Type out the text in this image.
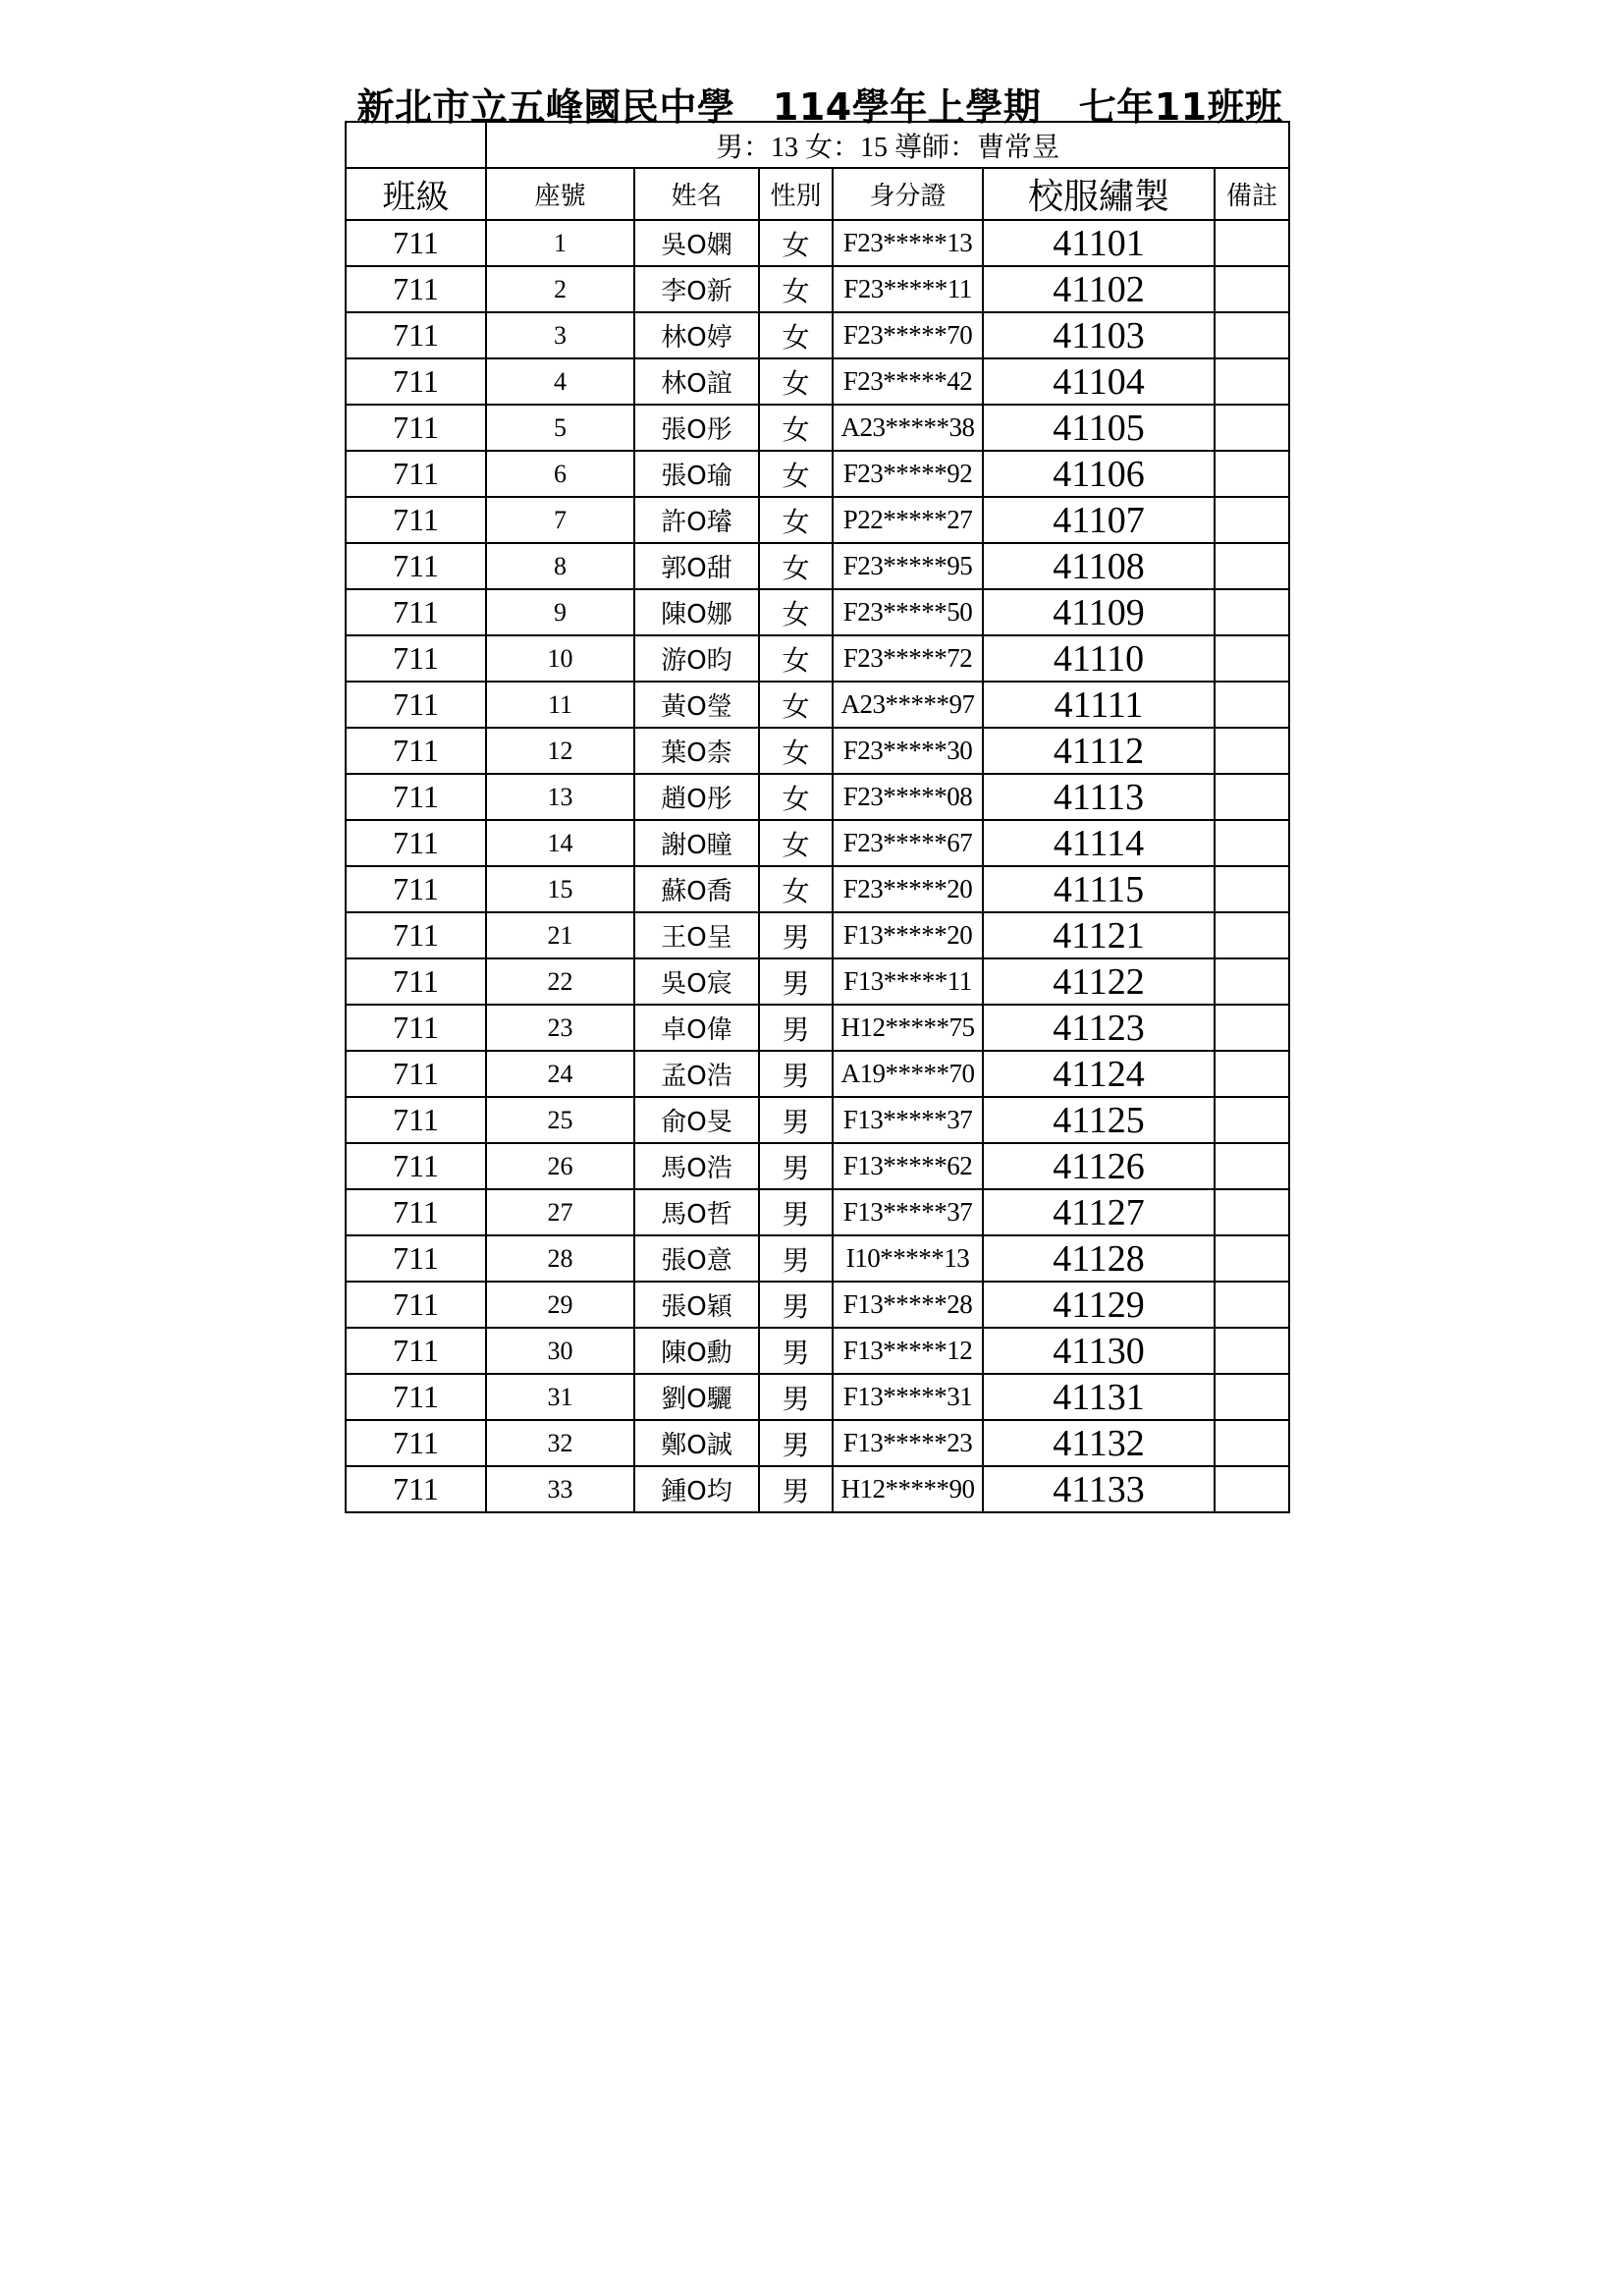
新北市立五峰國民中學　114學年上學期　七年11班班
	男：13 女：15 導師：曹常昱					
班級	座號	姓名	性別	身分證	校服繡製	備註
711	1	吳O嫻	女	F23*****13	41101	
711	2	李O新	女	F23*****11	41102	
711	3	林O婷	女	F23*****70	41103	
711	4	林O誼	女	F23*****42	41104	
711	5	張O彤	女	A23*****38	41105	
711	6	張O瑜	女	F23*****92	41106	
711	7	許O璿	女	P22*****27	41107	
711	8	郭O甜	女	F23*****95	41108	
711	9	陳O娜	女	F23*****50	41109	
711	10	游O昀	女	F23*****72	41110	
711	11	黃O瑩	女	A23*****97	41111	
711	12	葉O柰	女	F23*****30	41112	
711	13	趙O彤	女	F23*****08	41113	
711	14	謝O瞳	女	F23*****67	41114	
711	15	蘇O喬	女	F23*****20	41115	
711	21	王O呈	男	F13*****20	41121	
711	22	吳O宸	男	F13*****11	41122	
711	23	卓O偉	男	H12*****75	41123	
711	24	孟O浩	男	A19*****70	41124	
711	25	俞O旻	男	F13*****37	41125	
711	26	馬O浩	男	F13*****62	41126	
711	27	馬O哲	男	F13*****37	41127	
711	28	張O意	男	I10*****13	41128	
711	29	張O穎	男	F13*****28	41129	
711	30	陳O勳	男	F13*****12	41130	
711	31	劉O驪	男	F13*****31	41131	
711	32	鄭O誠	男	F13*****23	41132	
711	33	鍾O均	男	H12*****90	41133	
